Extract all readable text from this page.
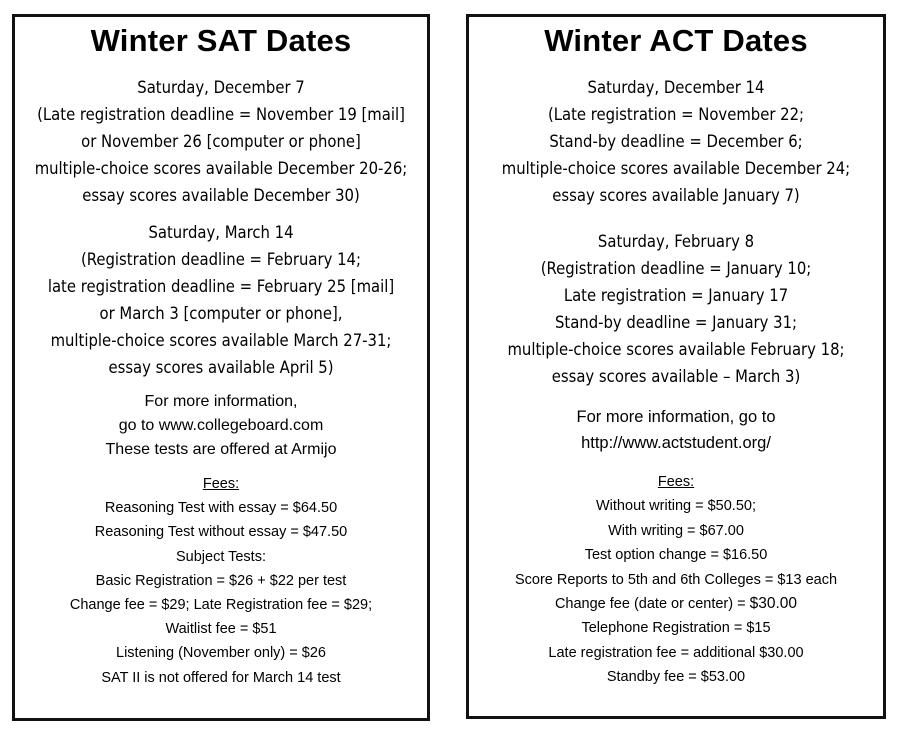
Winter SAT Dates
Saturday, December 7
(Late registration deadline = November 19 [mail]
or November 26 [computer or phone]
multiple-choice scores available December 20-26;
essay scores available December 30)
Saturday, March 14
(Registration deadline = February 14;
late registration deadline = February 25 [mail]
or March 3 [computer or phone],
multiple-choice scores available March 27-31;
essay scores available April 5)
For more information,
go to www.collegeboard.com
These tests are offered at Armijo
Fees:
Reasoning Test with essay = $64.50
Reasoning Test without essay = $47.50
Subject Tests:
Basic Registration = $26 + $22 per test
Change fee = $29; Late Registration fee = $29;
Waitlist fee = $51
Listening (November only) = $26
SAT II is not offered for March 14 test
Winter ACT Dates
Saturday, December 14
(Late registration = November 22;
Stand-by deadline = December 6;
multiple-choice scores available December 24;
essay scores available January 7)
Saturday, February 8
(Registration deadline = January 10;
Late registration = January 17
Stand-by deadline = January 31;
multiple-choice scores available February 18;
essay scores available – March 3)
For more information, go to
http://www.actstudent.org/
Fees:
Without writing = $50.50;
With writing = $67.00
Test option change = $16.50
Score Reports to 5th and 6th Colleges = $13 each
Change fee (date or center) = $30.00
Telephone Registration = $15
Late registration fee = additional $30.00
Standby fee = $53.00
